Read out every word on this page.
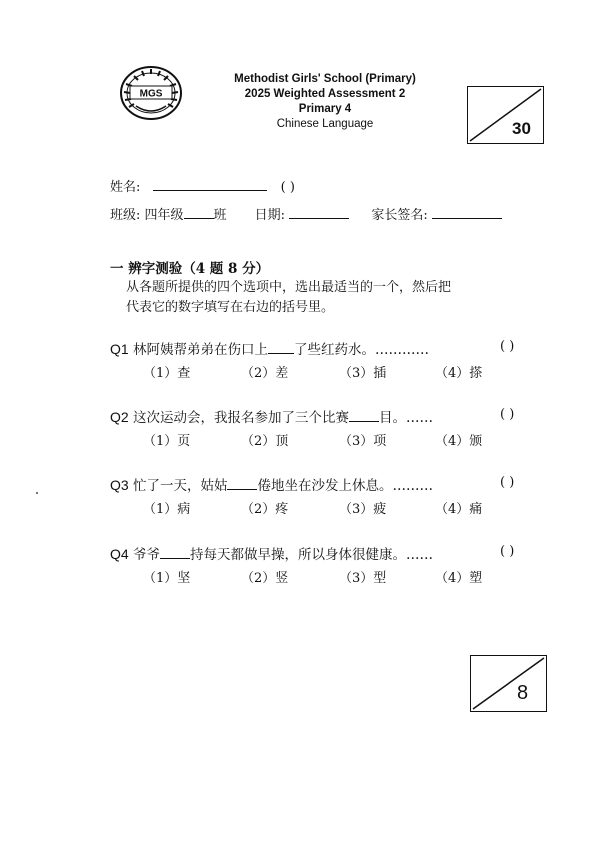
MGS
Methodist Girls' School (Primary)
2025 Weighted Assessment 2
Primary 4
Chinese Language	30
姓名:	( )
班级: 四年级 班 日期:	家长签名:
一 辨字测验（4 题 8 分）
从各题所提供的四个选项中，选出最适当的一个，然后把
代表它的数字填写在右边的括号里。
Q1 林阿姨帮弟弟在伤口上 了些红药水。…………	( )
（1）查	（2）差	（3）插	（4）搽
Q2 这次运动会，我报名参加了三个比赛 目。……	( )
（1）页	（2）顶	（3）项	（4）颁
Q3 忙了一天，姑姑 倦地坐在沙发上休息。………	( )
（1）病	（2）疼	（3）疲	（4）痛
Q4 爷爷 持每天都做早操，所以身体很健康。……	( )
（1）坚	（2）竖	（3）型	（4）塑
8
